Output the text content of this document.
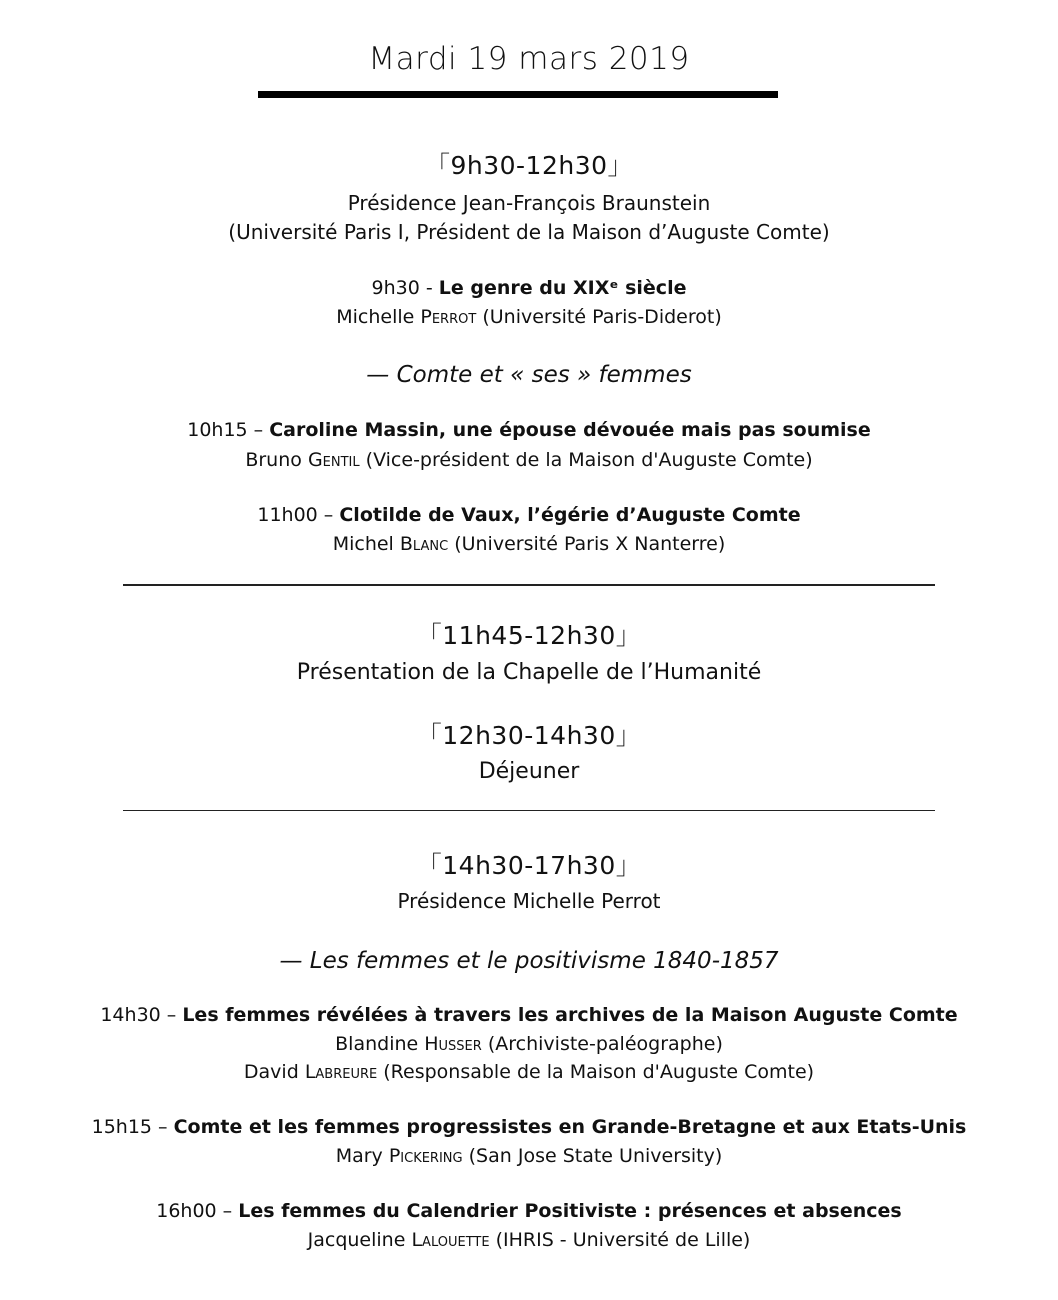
Mardi 19 mars 2019
「9h30-12h30」
Présidence Jean-François Braunstein
(Université Paris I, Président de la Maison d’Auguste Comte)
9h30 - Le genre du XIXᵉ siècle
Michelle Perrot (Université Paris-Diderot)
— Comte et « ses » femmes
10h15 – Caroline Massin, une épouse dévouée mais pas soumise
Bruno Gentil (Vice-président de la Maison d'Auguste Comte)
11h00 – Clotilde de Vaux, l’égérie d’Auguste Comte
Michel Blanc (Université Paris X Nanterre)
「11h45-12h30」
Présentation de la Chapelle de l’Humanité
「12h30-14h30」
Déjeuner
「14h30-17h30」
Présidence Michelle Perrot
— Les femmes et le positivisme 1840-1857
14h30 – Les femmes révélées à travers les archives de la Maison Auguste Comte
Blandine Husser (Archiviste-paléographe)
David Labreure (Responsable de la Maison d'Auguste Comte)
15h15 – Comte et les femmes progressistes en Grande-Bretagne et aux Etats-Unis
Mary Pickering (San Jose State University)
16h00 – Les femmes du Calendrier Positiviste : présences et absences
Jacqueline Lalouette (IHRIS - Université de Lille)
